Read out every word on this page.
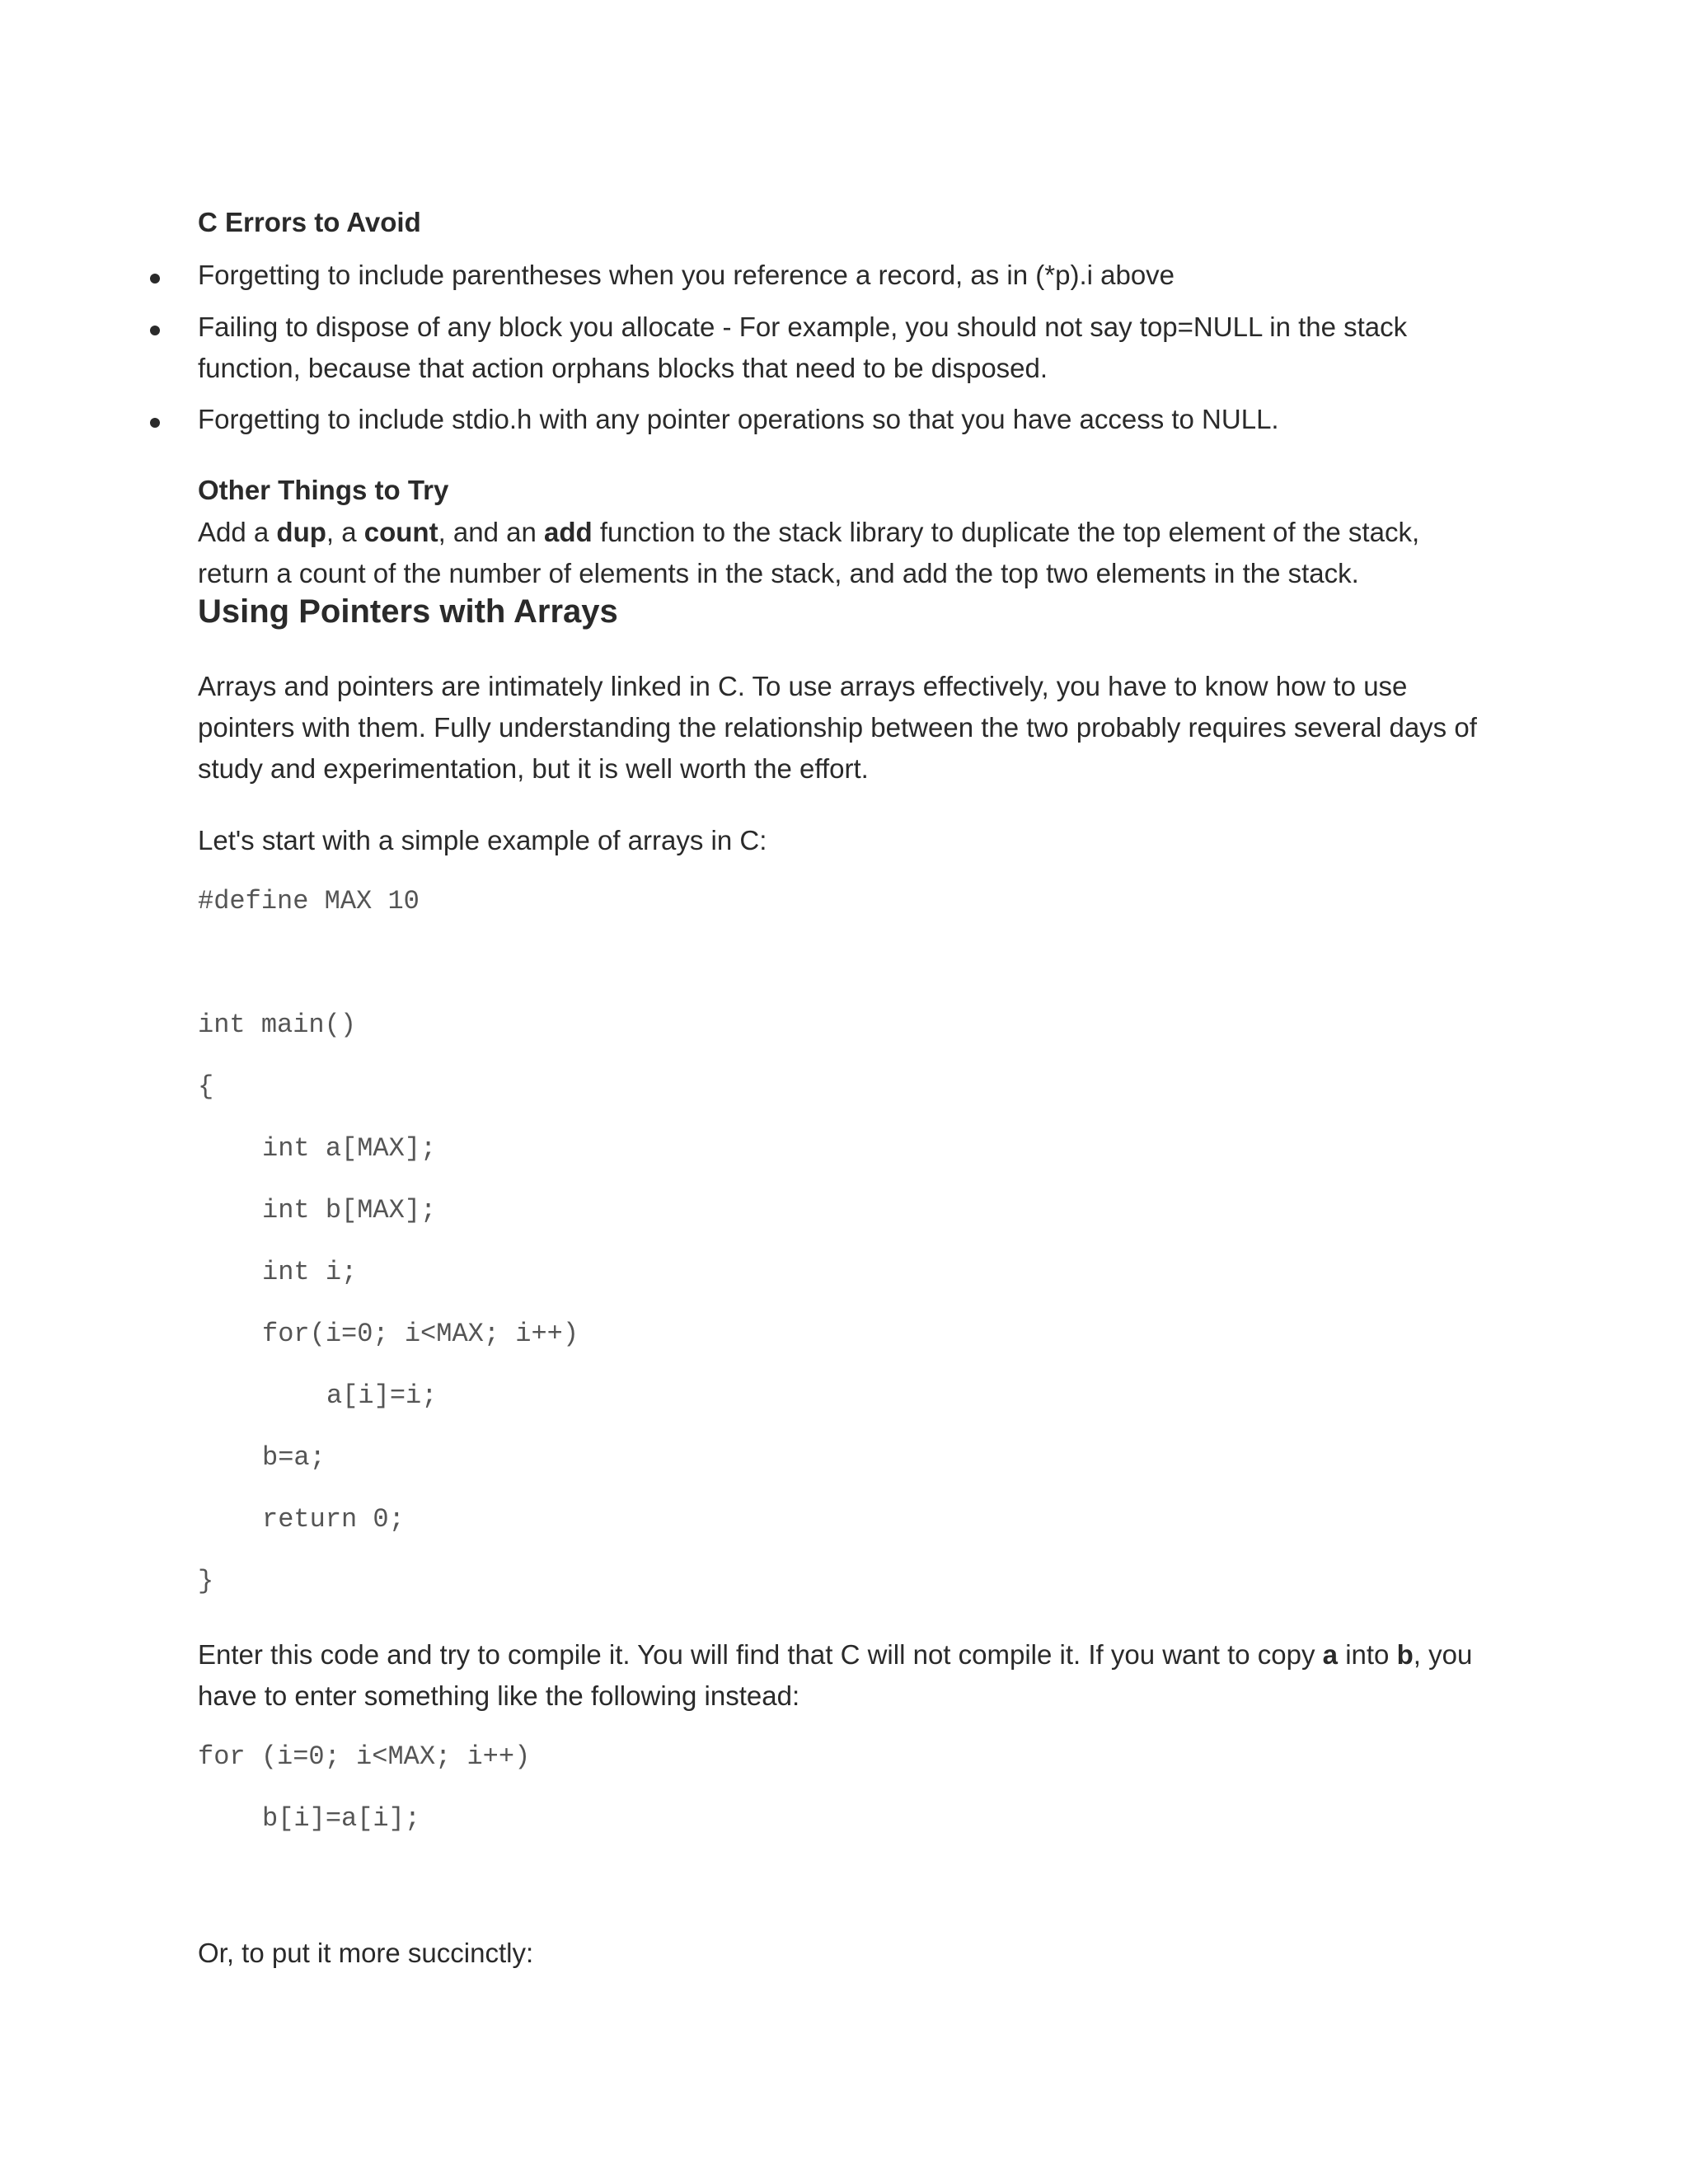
C Errors to Avoid
Forgetting to include parentheses when you reference a record, as in (*p).i above
Failing to dispose of any block you allocate - For example, you should not say top=NULL in the stack function, because that action orphans blocks that need to be disposed.
Forgetting to include stdio.h with any pointer operations so that you have access to NULL.
Other Things to Try
Add a dup, a count, and an add function to the stack library to duplicate the top element of the stack, return a count of the number of elements in the stack, and add the top two elements in the stack.
Using Pointers with Arrays
Arrays and pointers are intimately linked in C. To use arrays effectively, you have to know how to use pointers with them. Fully understanding the relationship between the two probably requires several days of study and experimentation, but it is well worth the effort.
Let's start with a simple example of arrays in C:
#define MAX 10
int main()
{
int a[MAX];
int b[MAX];
int i;
for(i=0; i<MAX; i++)
a[i]=i;
b=a;
return 0;
}
Enter this code and try to compile it. You will find that C will not compile it. If you want to copy a into b, you have to enter something like the following instead:
for (i=0; i<MAX; i++)
b[i]=a[i];
Or, to put it more succinctly:
